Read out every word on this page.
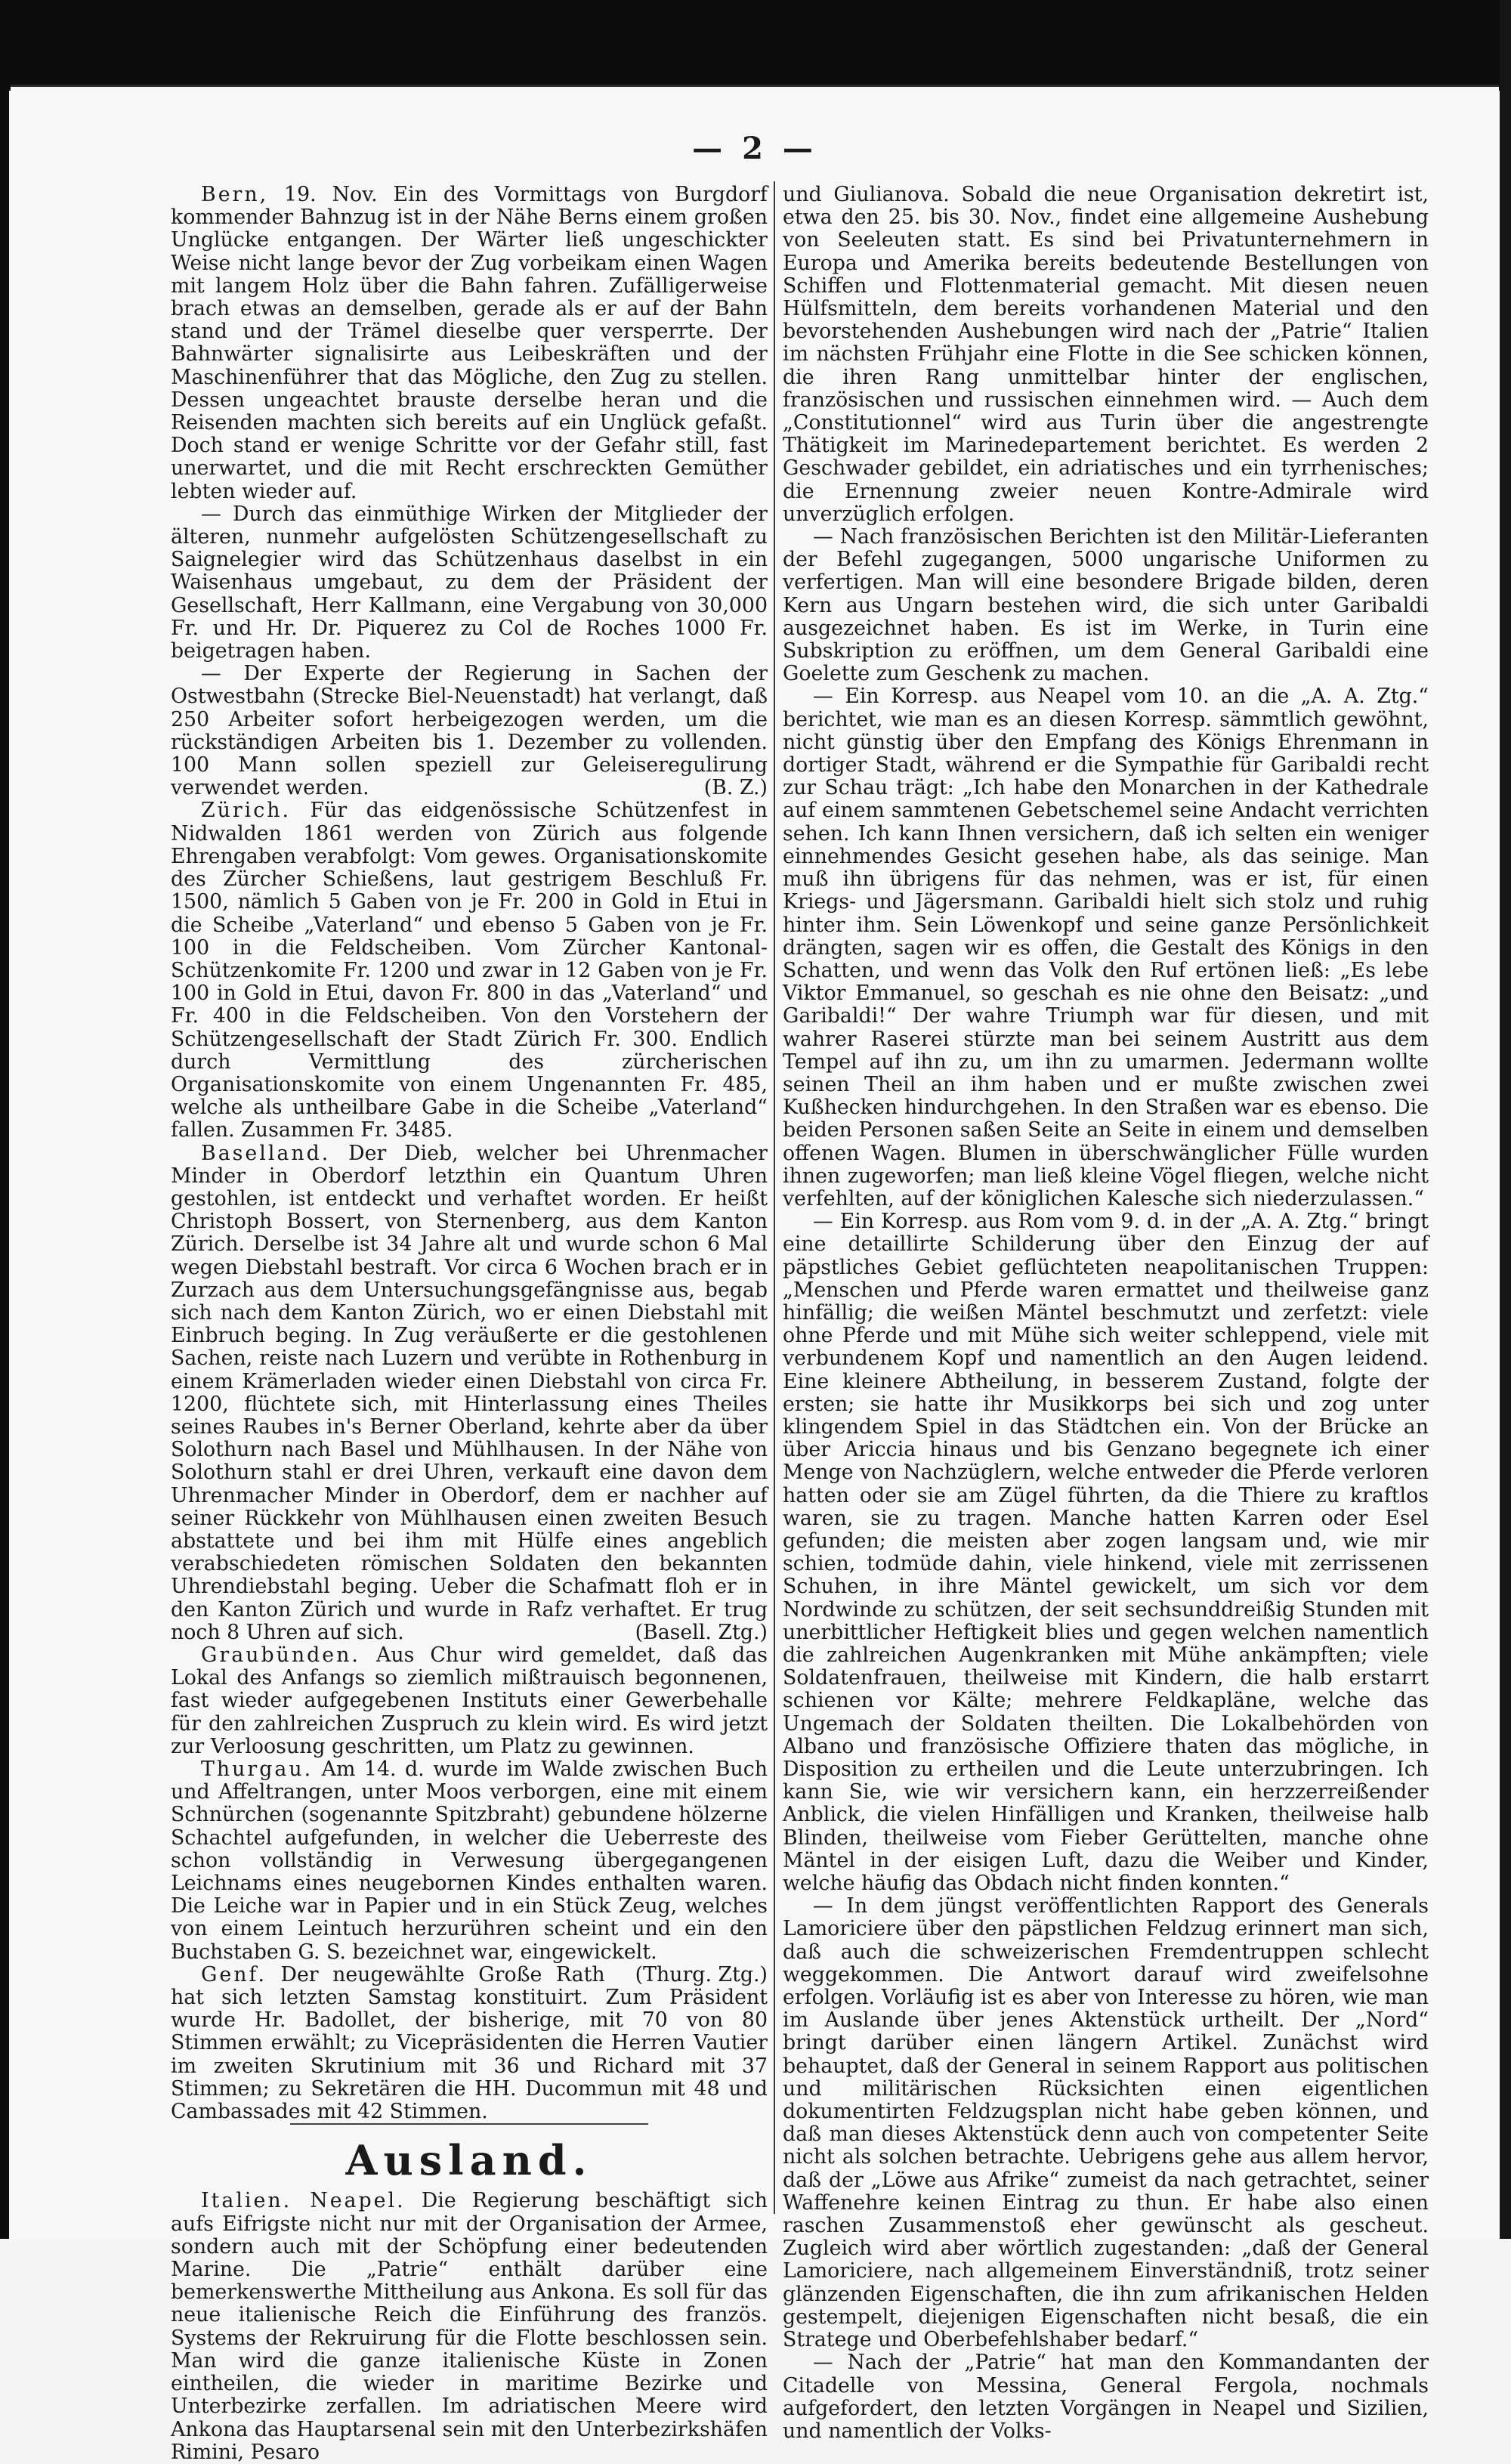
— 2 —

Bern, 19. Nov. Ein des Vormittags von Burgdorf kommender Bahnzug ist in der Nähe Berns einem großen Unglücke entgangen. Der Wärter ließ ungeschickter Weise nicht lange bevor der Zug vorbeikam einen Wagen mit langem Holz über die Bahn fahren. Zufälligerweise brach etwas an demselben, gerade als er auf der Bahn stand und der Trämel dieselbe quer versperrte. Der Bahnwärter signalisirte aus Leibeskräften und der Maschinenführer that das Mögliche, den Zug zu stellen. Dessen ungeachtet brauste derselbe heran und die Reisenden machten sich bereits auf ein Unglück gefaßt. Doch stand er wenige Schritte vor der Gefahr still, fast unerwartet, und die mit Recht erschreckten Gemüther lebten wieder auf.

— Durch das einmüthige Wirken der Mitglieder der älteren, nunmehr aufgelösten Schützengesellschaft zu Saignelegier wird das Schützenhaus daselbst in ein Waisenhaus umgebaut, zu dem der Präsident der Gesellschaft, Herr Kallmann, eine Vergabung von 30,000 Fr. und Hr. Dr. Piquerez zu Col de Roches 1000 Fr. beigetragen haben.

— Der Experte der Regierung in Sachen der Ostwestbahn (Strecke Biel-Neuenstadt) hat verlangt, daß 250 Arbeiter sofort herbeigezogen werden, um die rückständigen Arbeiten bis 1. Dezember zu vollenden. 100 Mann sollen speziell zur Geleiseregulirung verwendet werden.	(B. Z.)

Zürich. Für das eidgenössische Schützenfest in Nidwalden 1861 werden von Zürich aus folgende Ehrengaben verabfolgt: Vom gewes. Organisationskomite des Zürcher Schießens, laut gestrigem Beschluß Fr. 1500, nämlich 5 Gaben von je Fr. 200 in Gold in Etui in die Scheibe „Vaterland“ und ebenso 5 Gaben von je Fr. 100 in die Feldscheiben. Vom Zürcher Kantonal-Schützenkomite Fr. 1200 und zwar in 12 Gaben von je Fr. 100 in Gold in Etui, davon Fr. 800 in das „Vaterland“ und Fr. 400 in die Feldscheiben. Von den Vorstehern der Schützengesellschaft der Stadt Zürich Fr. 300. Endlich durch Vermittlung des zürcherischen Organisationskomite von einem Ungenannten Fr. 485, welche als untheilbare Gabe in die Scheibe „Vaterland“ fallen. Zusammen Fr. 3485.

Baselland. Der Dieb, welcher bei Uhrenmacher Minder in Oberdorf letzthin ein Quantum Uhren gestohlen, ist entdeckt und verhaftet worden. Er heißt Christoph Bossert, von Sternenberg, aus dem Kanton Zürich. Derselbe ist 34 Jahre alt und wurde schon 6 Mal wegen Diebstahl bestraft. Vor circa 6 Wochen brach er in Zurzach aus dem Untersuchungsgefängnisse aus, begab sich nach dem Kanton Zürich, wo er einen Diebstahl mit Einbruch beging. In Zug veräußerte er die gestohlenen Sachen, reiste nach Luzern und verübte in Rothenburg in einem Krämerladen wieder einen Diebstahl von circa Fr. 1200, flüchtete sich, mit Hinterlassung eines Theiles seines Raubes in's Berner Oberland, kehrte aber da über Solothurn nach Basel und Mühlhausen. In der Nähe von Solothurn stahl er drei Uhren, verkauft eine davon dem Uhrenmacher Minder in Oberdorf, dem er nachher auf seiner Rückkehr von Mühlhausen einen zweiten Besuch abstattete und bei ihm mit Hülfe eines angeblich verabschiedeten römischen Soldaten den bekannten Uhrendiebstahl beging. Ueber die Schafmatt floh er in den Kanton Zürich und wurde in Rafz verhaftet. Er trug noch 8 Uhren auf sich.	(Basell. Ztg.)

Graubünden. Aus Chur wird gemeldet, daß das Lokal des Anfangs so ziemlich mißtrauisch begonnenen, fast wieder aufgegebenen Instituts einer Gewerbehalle für den zahlreichen Zuspruch zu klein wird. Es wird jetzt zur Verloosung geschritten, um Platz zu gewinnen.

Thurgau. Am 14. d. wurde im Walde zwischen Buch und Affeltrangen, unter Moos verborgen, eine mit einem Schnürchen (sogenannte Spitzbraht) gebundene hölzerne Schachtel aufgefunden, in welcher die Ueberreste des schon vollständig in Verwesung übergegangenen Leichnams eines neugebornen Kindes enthalten waren. Die Leiche war in Papier und in ein Stück Zeug, welches von einem Leintuch herzurühren scheint und ein den Buchstaben G. S. bezeichnet war, eingewickelt.
(Thurg. Ztg.)

Genf. Der neugewählte Große Rath hat sich letzten Samstag konstituirt. Zum Präsident wurde Hr. Badollet, der bisherige, mit 70 von 80 Stimmen erwählt; zu Vicepräsidenten die Herren Vautier im zweiten Skrutinium mit 36 und Richard mit 37 Stimmen; zu Sekretären die HH. Ducommun mit 48 und Cambassades mit 42 Stimmen.

Ausland.

Italien. Neapel. Die Regierung beschäftigt sich aufs Eifrigste nicht nur mit der Organisation der Armee, sondern auch mit der Schöpfung einer bedeutenden Marine. Die „Patrie“ enthält darüber eine bemerkenswerthe Mittheilung aus Ankona. Es soll für das neue italienische Reich die Einführung des französ. Systems der Rekruirung für die Flotte beschlossen sein. Man wird die ganze italienische Küste in Zonen eintheilen, die wieder in maritime Bezirke und Unterbezirke zerfallen. Im adriatischen Meere wird Ankona das Hauptarsenal sein mit den Unterbezirkshäfen Rimini, Pesaro

und Giulianova. Sobald die neue Organisation dekretirt ist, etwa den 25. bis 30. Nov., findet eine allgemeine Aushebung von Seeleuten statt. Es sind bei Privatunternehmern in Europa und Amerika bereits bedeutende Bestellungen von Schiffen und Flottenmaterial gemacht. Mit diesen neuen Hülfsmitteln, dem bereits vorhandenen Material und den bevorstehenden Aushebungen wird nach der „Patrie“ Italien im nächsten Frühjahr eine Flotte in die See schicken können, die ihren Rang unmittelbar hinter der englischen, französischen und russischen einnehmen wird. — Auch dem „Constitutionnel“ wird aus Turin über die angestrengte Thätigkeit im Marinedepartement berichtet. Es werden 2 Geschwader gebildet, ein adriatisches und ein tyrrhenisches; die Ernennung zweier neuen Kontre-Admirale wird unverzüglich erfolgen.

— Nach französischen Berichten ist den Militär-Lieferanten der Befehl zugegangen, 5000 ungarische Uniformen zu verfertigen. Man will eine besondere Brigade bilden, deren Kern aus Ungarn bestehen wird, die sich unter Garibaldi ausgezeichnet haben. Es ist im Werke, in Turin eine Subskription zu eröffnen, um dem General Garibaldi eine Goelette zum Geschenk zu machen.

— Ein Korresp. aus Neapel vom 10. an die „A. A. Ztg.“ berichtet, wie man es an diesen Korresp. sämmtlich gewöhnt, nicht günstig über den Empfang des Königs Ehrenmann in dortiger Stadt, während er die Sympathie für Garibaldi recht zur Schau trägt: „Ich habe den Monarchen in der Kathedrale auf einem sammtenen Gebetschemel seine Andacht verrichten sehen. Ich kann Ihnen versichern, daß ich selten ein weniger einnehmendes Gesicht gesehen habe, als das seinige. Man muß ihn übrigens für das nehmen, was er ist, für einen Kriegs- und Jägersmann. Garibaldi hielt sich stolz und ruhig hinter ihm. Sein Löwenkopf und seine ganze Persönlichkeit drängten, sagen wir es offen, die Gestalt des Königs in den Schatten, und wenn das Volk den Ruf ertönen ließ: „Es lebe Viktor Emmanuel, so geschah es nie ohne den Beisatz: „und Garibaldi!“ Der wahre Triumph war für diesen, und mit wahrer Raserei stürzte man bei seinem Austritt aus dem Tempel auf ihn zu, um ihn zu umarmen. Jedermann wollte seinen Theil an ihm haben und er mußte zwischen zwei Kußhecken hindurchgehen. In den Straßen war es ebenso. Die beiden Personen saßen Seite an Seite in einem und demselben offenen Wagen. Blumen in überschwänglicher Fülle wurden ihnen zugeworfen; man ließ kleine Vögel fliegen, welche nicht verfehlten, auf der königlichen Kalesche sich niederzulassen.“

— Ein Korresp. aus Rom vom 9. d. in der „A. A. Ztg.“ bringt eine detaillirte Schilderung über den Einzug der auf päpstliches Gebiet geflüchteten neapolitanischen Truppen: „Menschen und Pferde waren ermattet und theilweise ganz hinfällig; die weißen Mäntel beschmutzt und zerfetzt: viele ohne Pferde und mit Mühe sich weiter schleppend, viele mit verbundenem Kopf und namentlich an den Augen leidend. Eine kleinere Abtheilung, in besserem Zustand, folgte der ersten; sie hatte ihr Musikkorps bei sich und zog unter klingendem Spiel in das Städtchen ein. Von der Brücke an über Ariccia hinaus und bis Genzano begegnete ich einer Menge von Nachzüglern, welche entweder die Pferde verloren hatten oder sie am Zügel führten, da die Thiere zu kraftlos waren, sie zu tragen. Manche hatten Karren oder Esel gefunden; die meisten aber zogen langsam und, wie mir schien, todmüde dahin, viele hinkend, viele mit zerrissenen Schuhen, in ihre Mäntel gewickelt, um sich vor dem Nordwinde zu schützen, der seit sechsunddreißig Stunden mit unerbittlicher Heftigkeit blies und gegen welchen namentlich die zahlreichen Augenkranken mit Mühe ankämpften; viele Soldatenfrauen, theilweise mit Kindern, die halb erstarrt schienen vor Kälte; mehrere Feldkapläne, welche das Ungemach der Soldaten theilten. Die Lokalbehörden von Albano und französische Offiziere thaten das mögliche, in Disposition zu ertheilen und die Leute unterzubringen. Ich kann Sie, wie wir versichern kann, ein herzzerreißender Anblick, die vielen Hinfälligen und Kranken, theilweise halb Blinden, theilweise vom Fieber Gerüttelten, manche ohne Mäntel in der eisigen Luft, dazu die Weiber und Kinder, welche häufig das Obdach nicht finden konnten.“

— In dem jüngst veröffentlichten Rapport des Generals Lamoriciere über den päpstlichen Feldzug erinnert man sich, daß auch die schweizerischen Fremdentruppen schlecht weggekommen. Die Antwort darauf wird zweifelsohne erfolgen. Vorläufig ist es aber von Interesse zu hören, wie man im Auslande über jenes Aktenstück urtheilt. Der „Nord“ bringt darüber einen längern Artikel. Zunächst wird behauptet, daß der General in seinem Rapport aus politischen und militärischen Rücksichten einen eigentlichen dokumentirten Feldzugsplan nicht habe geben können, und daß man dieses Aktenstück denn auch von competenter Seite nicht als solchen betrachte. Uebrigens gehe aus allem hervor, daß der „Löwe aus Afrike“ zumeist da nach getrachtet, seiner Waffenehre keinen Eintrag zu thun. Er habe also einen raschen Zusammenstoß eher gewünscht als gescheut. Zugleich wird aber wörtlich zugestanden: „daß der General Lamoriciere, nach allgemeinem Einverständniß, trotz seiner glänzenden Eigenschaften, die ihn zum afrikanischen Helden gestempelt, diejenigen Eigenschaften nicht besaß, die ein Stratege und Oberbefehlshaber bedarf.“

— Nach der „Patrie“ hat man den Kommandanten der Citadelle von Messina, General Fergola, nochmals aufgefordert, den letzten Vorgängen in Neapel und Sizilien, und namentlich der Volks-
